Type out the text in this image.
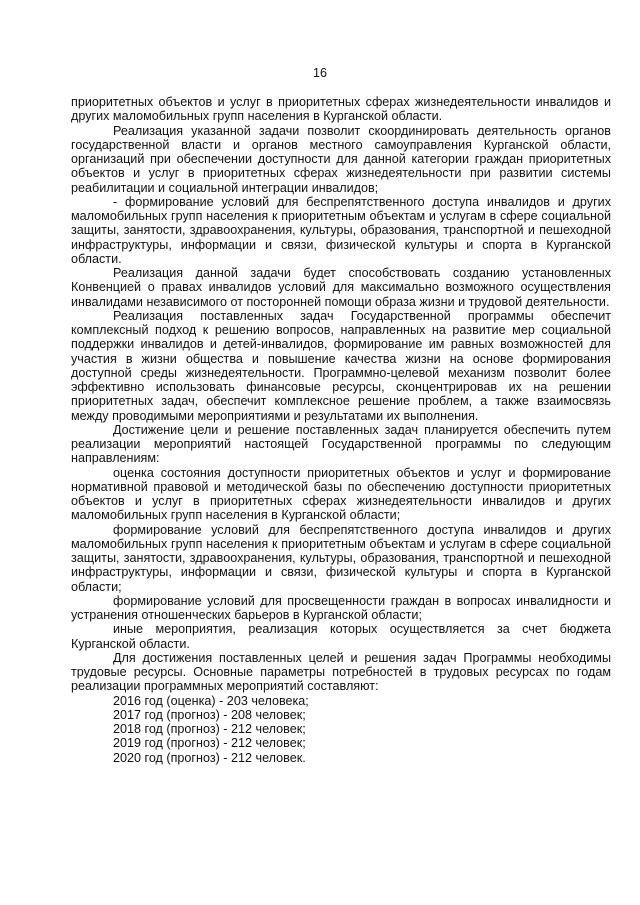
16

приоритетных объектов и услуг в приоритетных сферах жизнедеятельности инвалидов и других маломобильных групп населения в Курганской области.

Реализация указанной задачи позволит скоординировать деятельность органов государственной власти и органов местного самоуправления Курганской области, организаций при обеспечении доступности для данной категории граждан приоритетных объектов и услуг в приоритетных сферах жизнедеятельности при развитии системы реабилитации и социальной интеграции инвалидов;

- формирование условий для беспрепятственного доступа инвалидов и других маломобильных групп населения к приоритетным объектам и услугам в сфере социальной защиты, занятости, здравоохранения, культуры, образования, транспортной и пешеходной инфраструктуры, информации и связи, физической культуры и спорта в Курганской области.

Реализация данной задачи будет способствовать созданию установленных Конвенцией о правах инвалидов условий для максимально возможного осуществления инвалидами независимого от посторонней помощи образа жизни и трудовой деятельности.

Реализация поставленных задач Государственной программы обеспечит комплексный подход к решению вопросов, направленных на развитие мер социальной поддержки инвалидов и детей-инвалидов, формирование им равных возможностей для участия в жизни общества и повышение качества жизни на основе формирования доступной среды жизнедеятельности. Программно-целевой механизм позволит более эффективно использовать финансовые ресурсы, сконцентрировав их на решении приоритетных задач, обеспечит комплексное решение проблем, а также взаимосвязь между проводимыми мероприятиями и результатами их выполнения.

Достижение цели и решение поставленных задач планируется обеспечить путем реализации мероприятий настоящей Государственной программы по следующим направлениям:

оценка состояния доступности приоритетных объектов и услуг и формирование нормативной правовой и методической базы по обеспечению доступности приоритетных объектов и услуг в приоритетных сферах жизнедеятельности инвалидов и других маломобильных групп населения в Курганской области;

формирование условий для беспрепятственного доступа инвалидов и других маломобильных групп населения к приоритетным объектам и услугам в сфере социальной защиты, занятости, здравоохранения, культуры, образования, транспортной и пешеходной инфраструктуры, информации и связи, физической культуры и спорта в Курганской области;

формирование условий для просвещенности граждан в вопросах инвалидности и устранения отношенческих барьеров в Курганской области;

иные мероприятия, реализация которых осуществляется за счет бюджета Курганской области.

Для достижения поставленных целей и решения задач Программы необходимы трудовые ресурсы. Основные параметры потребностей в трудовых ресурсах по годам реализации программных мероприятий составляют:

2016 год (оценка) - 203 человека;
2017 год (прогноз) - 208 человек;
2018 год (прогноз) - 212 человек;
2019 год (прогноз) - 212 человек;
2020 год (прогноз) - 212 человек.
